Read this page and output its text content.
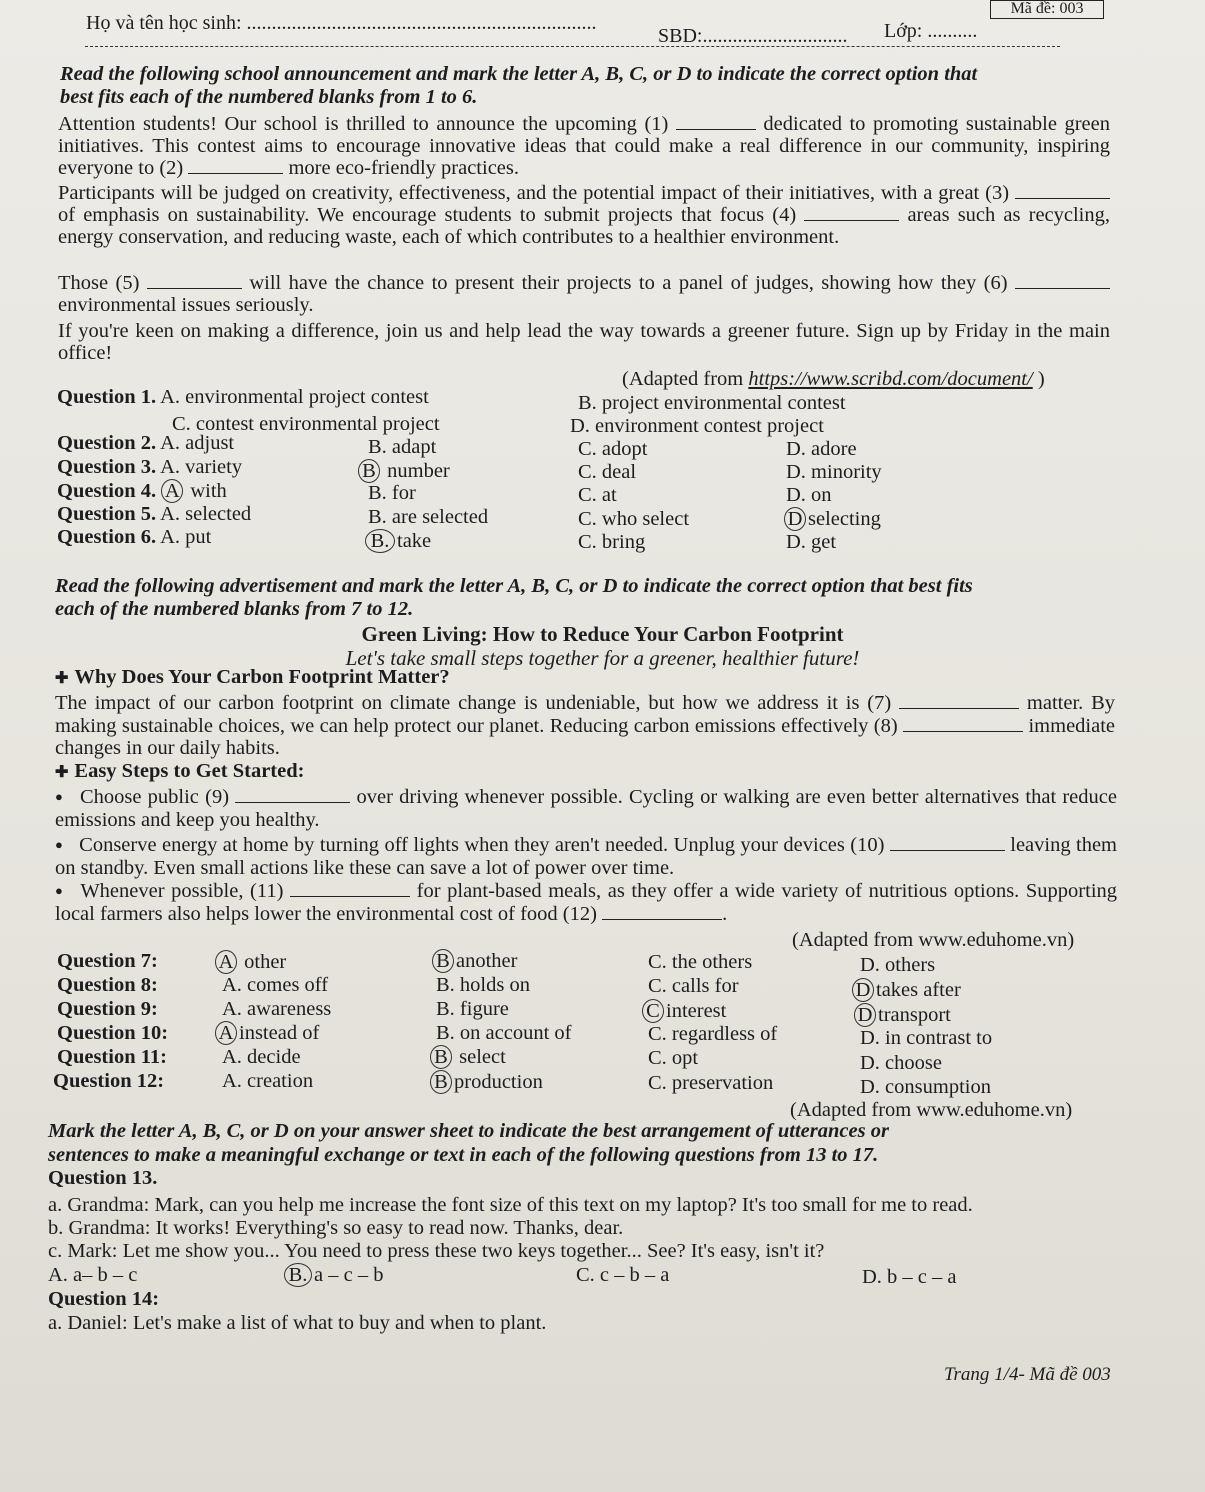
Mã đề: 003
Họ và tên học sinh: ......................................................................
SBD:............................. Lớp: ..........
Read the following school announcement and mark the letter A, B, C, or D to indicate the correct option that
best fits each of the numbered blanks from 1 to 6.
Attention students! Our school is thrilled to announce the upcoming (1)	dedicated to promoting sustainable green initiatives. This contest aims to encourage innovative ideas that could make a real difference in our community, inspiring everyone to (2)	more eco-friendly practices.
Participants will be judged on creativity, effectiveness, and the potential impact of their initiatives, with a great (3)  of emphasis on sustainability. We encourage students to submit projects that focus (4)	areas such as recycling, energy conservation, and reducing waste, each of which contributes to a healthier environment.
Those (5)	will have the chance to present their projects to a panel of judges, showing how they (6)  environmental issues seriously.
If you're keen on making a difference, join us and help lead the way towards a greener future. Sign up by Friday in the main office!
(Adapted from https://www.scribd.com/document/ )
Question 1. A. environmental project contest	B. project environmental contest
C. contest environmental project	D. environment contest project
Question 2. A. adjust	B. adapt	C. adopt	D. adore
Question 3. A. variety	B number	C. deal	D. minority
Question 4. A with	B. for	C. at	D. on
Question 5. A. selected	B. are selected	C. who select	D selecting
Question 6. A. put	B. take	C. bring	D. get
Read the following advertisement and mark the letter A, B, C, or D to indicate the correct option that best fits
each of the numbered blanks from 7 to 12.
Green Living: How to Reduce Your Carbon Footprint
Let's take small steps together for a greener, healthier future!
✚ Why Does Your Carbon Footprint Matter?
The impact of our carbon footprint on climate change is undeniable, but how we address it is (7)	matter. By making sustainable choices, we can help protect our planet. Reducing carbon emissions effectively (8)	immediate changes in our daily habits.
✚ Easy Steps to Get Started:
● Choose public (9)	over driving whenever possible. Cycling or walking are even better alternatives that reduce emissions and keep you healthy.
● Conserve energy at home by turning off lights when they aren't needed. Unplug your devices (10)	leaving them on standby. Even small actions like these can save a lot of power over time.
● Whenever possible, (11)	for plant-based meals, as they offer a wide variety of nutritious options. Supporting local farmers also helps lower the environmental cost of food (12)	.
(Adapted from www.eduhome.vn)
Question 7:	A other	B another	C. the others	D. others
Question 8:	A. comes off	B. holds on	C. calls for	D takes after
Question 9:	A. awareness	B. figure	C interest	D transport
Question 10: A instead of	B. on account of	C. regardless of	D. in contrast to
Question 11:	A. decide	B select	C. opt	D. choose
Question 12:	A. creation	B production	C. preservation	D. consumption
(Adapted from www.eduhome.vn)
Mark the letter A, B, C, or D on your answer sheet to indicate the best arrangement of utterances or
sentences to make a meaningful exchange or text in each of the following questions from 13 to 17.
Question 13.
a. Grandma: Mark, can you help me increase the font size of this text on my laptop? It's too small for me to read.
b. Grandma: It works! Everything's so easy to read now. Thanks, dear.
c. Mark: Let me show you... You need to press these two keys together... See? It's easy, isn't it?
A. a– b – c	B. a – c – b	C. c – b – a	D. b – c – a
Question 14:
a. Daniel: Let's make a list of what to buy and when to plant.
Trang 1/4- Mã đề 003
